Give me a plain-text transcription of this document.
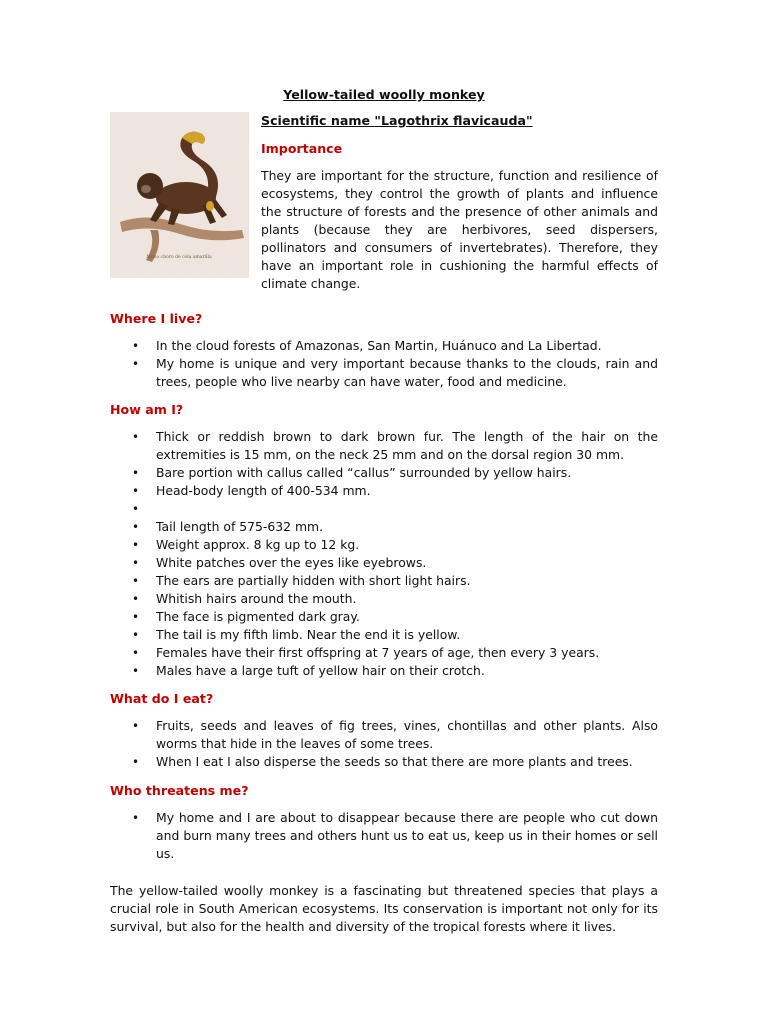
Yellow-tailed woolly monkey
Mono choro de cola amarilla

Scientific name "Lagothrix flavicauda"

Importance

They are important for the structure, function and resilience of ecosystems, they control the growth of plants and influence the structure of forests and the presence of other animals and plants (because they are herbivores, seed dispersers, pollinators and consumers of invertebrates). Therefore, they have an important role in cushioning the harmful effects of climate change.

Where I live?

• In the cloud forests of Amazonas, San Martin, Huánuco and La Libertad.
• My home is unique and very important because thanks to the clouds, rain and trees, people who live nearby can have water, food and medicine.

How am I?

• Thick or reddish brown to dark brown fur. The length of the hair on the extremities is 15 mm, on the neck 25 mm and on the dorsal region 30 mm.
• Bare portion with callus called “callus” surrounded by yellow hairs.
• Head-body length of 400-534 mm.
•
• Tail length of 575-632 mm.
• Weight approx. 8 kg up to 12 kg.
• White patches over the eyes like eyebrows.
• The ears are partially hidden with short light hairs.
• Whitish hairs around the mouth.
• The face is pigmented dark gray.
• The tail is my fifth limb. Near the end it is yellow.
• Females have their first offspring at 7 years of age, then every 3 years.
• Males have a large tuft of yellow hair on their crotch.

What do I eat?

• Fruits, seeds and leaves of fig trees, vines, chontillas and other plants. Also worms that hide in the leaves of some trees.
• When I eat I also disperse the seeds so that there are more plants and trees.

Who threatens me?

• My home and I are about to disappear because there are people who cut down and burn many trees and others hunt us to eat us, keep us in their homes or sell us.

The yellow-tailed woolly monkey is a fascinating but threatened species that plays a crucial role in South American ecosystems. Its conservation is important not only for its survival, but also for the health and diversity of the tropical forests where it lives.
